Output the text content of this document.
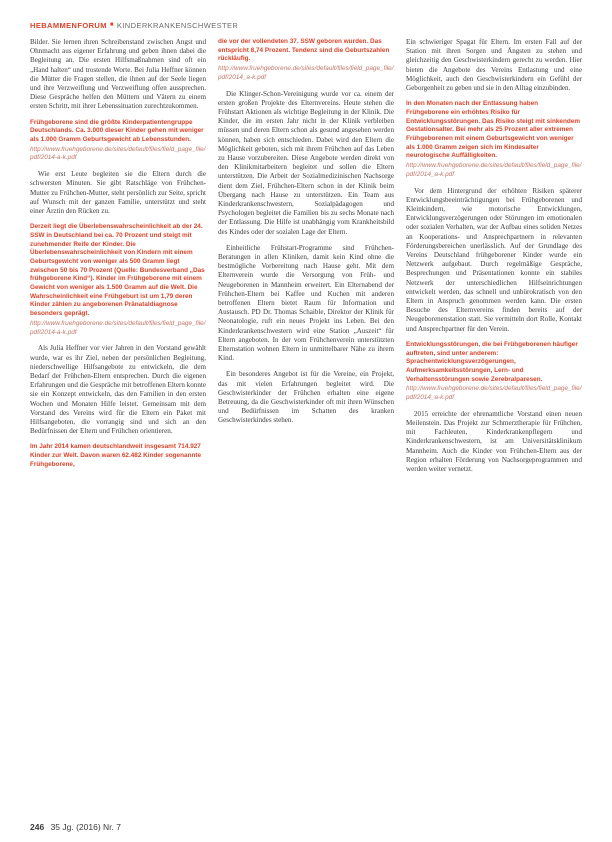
HEBAMMENFORUM ■ KINDERKRANKENSCHWESTER

Bilder. Sie lernen ihren Schreibenstand zwischen Angst und Ohnmacht aus eigener Erfahrung und geben ihnen dabei die Begleitung an. Die ersten Hilfsmaßnahmen sind oft ein „Hand halten“ und trostende Worte. Bei Julia Heffner können die Mütter die Fragen stellen, die ihnen auf der Seele liegen und ihre Verzweiflung und Verzweiflung offen aussprechen. Diese Gespräche helfen den Müttern und Vätern zu einem ersten Schritt, mit ihrer Lebenssituation zurechtzukommen.

Frühgeborene sind die größte Kinderpatientengruppe Deutschlands. Ca. 3.000 dieser Kinder gehen mit weniger als 1.000 Gramm Geburtsgewicht ab Lebensstunden.
http://www.fruehgeborene.de/sites/default/files/field_page_file/pdf/2014-a-k.pdf

Wie erst Leute begleiten sie die Eltern durch die schwersten Minuten. Sie gibt Ratschläge von Frühchen-Mutter zu Frühchen-Mutter, steht persönlich zur Seite, spricht auf Wunsch mit der ganzen Familie, unterstützt und steht einer Ärztin den Rücken zu.

Derzeit liegt die Überlebenswahrscheinlichkeit ab der 24. SSW in Deutschland bei ca. 70 Prozent und steigt mit zunehmender Reife der Kinder. Die Überlebenswahrscheinlichkeit von Kindern mit einem Geburtsgewicht von weniger als 500 Gramm liegt zwischen 50 bis 70 Prozent (Quelle: Bundesverband „Das frühgeborene Kind“). Kinder im Frühgeborene mit einem Gewicht von weniger als 1.500 Gramm auf die Welt. Die Wahrscheinlichkeit eine Frühgeburt ist um 1,79 deren Kinder zählen zu angeborenen Pränataldiagnose besonders geprägt.
http://www.fruehgeborene.de/sites/default/files/field_page_file/pdf/2014-a-k.pdf

Als Julia Heffner vor vier Jahren in den Vorstand gewählt wurde, war es ihr Ziel, neben der persönlichen Begleitung, niederschwellige Hilfsangebote zu entwickeln, die dem Bedarf der Frühchen-Eltern entsprechen. Durch die eigenen Erfahrungen und die Gespräche mit betroffenen Eltern konnte sie ein Konzept entwickeln, das den Familien in den ersten Wochen und Monaten Hilfe leistet. Gemeinsam mit dem Vorstand des Vereins wird für die Eltern ein Paket mit Hilfsangeboten, die vorrangig sind und sich an den Bedürfnissen der Eltern und Frühchen orientieren.

Im Jahr 2014 kamen deutschlandweit insgesamt 714.927 Kinder zur Welt. Davon waren 62.482 Kinder sogenannte Frühgeborene,
die vor der vollendeten 37. SSW geboren wurden. Das entspricht 8,74 Prozent. Tendenz sind die Geburtszahlen rückläufig.
http://www.fruehgeborene.de/sites/default/files/field_page_file/pdf/2014_a-k.pdf

Die Klinger-Schon-Vereinigung wurde vor ca. einem der ersten großen Projekte des Elternvereins. Heute stehen die Frühstart Aktionen als wichtige Begleitung in der Klinik. Die Kinder, die im ersten Jahr nicht in der Klinik verbleiben müssen und deren Eltern schon als gesund angesehen werden können, haben sich entschieden. Dabei wird den Eltern die Möglichkeit geboten, sich mit ihrem Frühchen auf das Leben zu Hause vorzubereiten. Diese Angebote werden direkt von den Klinikmitarbeitern begleitet und sollen die Eltern unterstützen. Die Arbeit der Sozialmedizinischen Nachsorge dient dem Ziel, Frühchen-Eltern schon in der Klinik beim Übergang nach Hause zu unterstützen. Ein Team aus Kinderkrankenschwestern, Sozialpädagogen und Psychologen begleitet die Familien bis zu sechs Monate nach der Entlassung. Die Hilfe ist unabhängig vom Krankheitsbild des Kindes oder der sozialen Lage der Eltern.

Einheitliche Frühstart-Programme sind Frühchen-Beratungen in allen Kliniken, damit kein Kind ohne die bestmögliche Vorbereitung nach Hause geht. Mit dem Elternverein wurde die Versorgung von Früh- und Neugeborenen in Mannheim erweitert. Ein Elternabend der Frühchen-Eltern bei Kaffee und Kuchen mit anderen betroffenen Eltern bietet Raum für Information und Austausch. PD Dr. Thomas Schaible, Direktor der Klinik für Neonatologie, ruft ein neues Projekt ins Leben. Bei den Kinderkrankenschwestern wird eine Station „Auszeit“ für Eltern angeboten. In der vom Frühchenverein unterstützten Elternstation wohnen Eltern in unmittelbarer Nähe zu ihrem Kind.

Ein besonderes Angebot ist für die Vereine, ein Projekt, das mit vielen Erfahrungen begleitet wird. Die Geschwisterkinder der Frühchen erhalten eine eigene Betreuung, da die Geschwisterkinder oft mit ihren Wünschen und Bedürfnissen im Schatten des kranken Geschwisterkindes stehen.

Ein schwieriger Spagat für Eltern. Im ersten Fall auf der Station mit ihren Sorgen und Ängsten zu stehen und gleichzeitig den Geschwisterkindern gerecht zu werden. Hier bieten die Angebote des Vereins Entlastung und eine Möglichkeit, auch den Geschwisterkindern ein Gefühl der Geborgenheit zu geben und sie in den Alltag einzubinden.

In den Monaten nach der Entlassung haben Frühgeborene ein erhöhtes Risiko für Entwicklungsstörungen. Das Risiko steigt mit sinkendem Gestationsalter. Bei mehr als 25 Prozent aller extremen Frühgeborenen mit einem Geburtsgewicht von weniger als 1.000 Gramm zeigen sich im Kindesalter neurologische Auffälligkeiten.
http://www.fruehgeborene.de/sites/default/files/field_page_file/pdf/2014_a-k.pdf

Vor dem Hintergrund der erhöhten Risiken späterer Entwicklungsbeeinträchtigungen bei Frühgeborenen und Kleinkindern, wie motorische Entwicklungen, Entwicklungsverzögerungen oder Störungen im emotionalen oder sozialen Verhalten, war der Aufbau eines soliden Netzes an Kooperations- und Ansprechpartnern in relevanten Förderungsbereichen unerlässlich. Auf der Grundlage des Vereins Deutschland frühgeborener Kinder wurde ein Netzwerk aufgebaut. Durch regelmäßige Gespräche, Besprechungen und Präsentationen konnte ein stabiles Netzwerk der unterschiedlichen Hilfseinrichtungen entwickelt werden, das schnell und unbürokratisch von den Eltern in Anspruch genommen werden kann. Die ersten Besuche des Elternvereins finden bereits auf der Neugeborenenstation statt. Sie vermitteln dort Rolle, Kontakt und Ansprechpartner für den Verein.

Entwicklungsstörungen, die bei Frühgeborenen häufiger auftreten, sind unter anderem: Sprachentwicklungsverzögerungen, Aufmerksamkeitsstörungen, Lern- und Verhaltensstörungen sowie Zerebralparesen.
http://www.fruehgeborene.de/sites/default/files/field_page_file/pdf/2014_a-k.pdf

2015 erreichte der ehrenamtliche Vorstand einen neuen Meilenstein. Das Projekt zur Schmerztherapie für Frühchen, mit Fachleuten, Kinderkrankenpflegern und Kinderkrankenschwestern, ist am Universitätsklinikum Mannheim. Auch die Kinder von Frühchen-Eltern aus der Region erhalten Förderung von Nachsorgeprogrammen und werden weiter vernetzt.

246 35 Jg. (2016) Nr. 7
